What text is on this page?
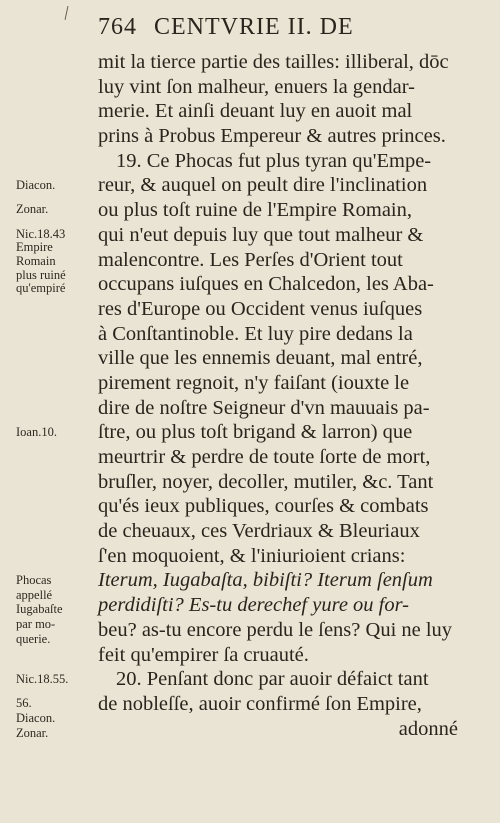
764 CENTVRIE II. DE
mit la tierce partie des tailles: illiberal, dōc
luy vint ſon malheur, enuers la gendar-
merie. Et ainſi deuant luy en auoit mal
prins à Probus Empereur & autres princes.
19. Ce Phocas fut plus tyran qu'Empe-
reur, & auquel on peult dire l'inclination
ou plus toſt ruine de l'Empire Romain,
qui n'eut depuis luy que tout malheur &
malencontre. Les Perſes d'Orient tout
occupans iuſques en Chalcedon, les Aba-
res d'Europe ou Occident venus iuſques
à Conſtantinoble. Et luy pire dedans la
ville que les ennemis deuant, mal entré,
pirement regnoit, n'y faiſant (iouxte le
dire de noſtre Seigneur d'vn mauuais pa-
ſtre, ou plus toſt brigand & larron) que
meurtrir & perdre de toute ſorte de mort,
bruſler, noyer, decoller, mutiler, &c. Tant
qu'és ieux publiques, courſes & combats
de cheuaux, ces Verdriaux & Bleuriaux
ſ'en moquoient, & l'iniurioient crians:
Iterum, Iugabaſta, bibiſti? Iterum ſenſum
perdidiſti? Es-tu derechef yure ou for-
beu? as-tu encore perdu le ſens? Qui ne luy
feit qu'empirer ſa cruauté.
20. Penſant donc par auoir défaict tant
de nobleſſe, auoir confirmé ſon Empire,
adonné
Diacon.
Zonar.
Nic.18.43
Empire
Romain
plus ruiné
qu'empiré
Ioan.10.
Phocas
appellé
Iugabaſte
par mo-
querie.
Nic.18.55.
56.
Diacon.
Zonar.
